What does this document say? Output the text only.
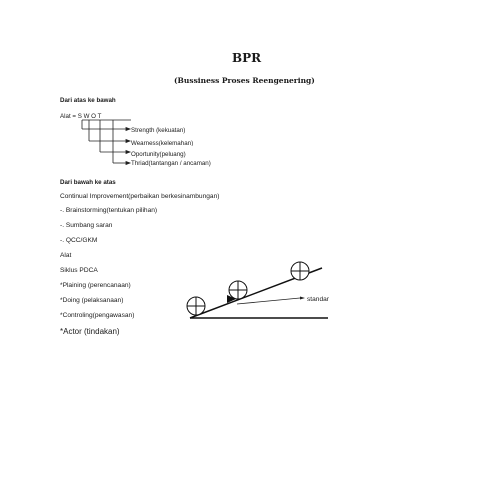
BPR
(Bussiness Proses Reengenering)
Dari atas ke bawah
Alat = S W O T
Strength (kekuatan)
Wearness(kelemahan)
Oportunity(peluang)
Thriad(tantangan / ancaman)
Dari bawah ke atas
Continual Improvement(perbaikan berkesinambungan)
-. Brainstorming(tentukan pilihan)
-. Sumbang saran
-. QCC/GKM
Alat
Siklus PDCA
*Plaining (perencanaan)
*Doing (pelaksanaan)
*Controling(pengawasan)
*Actor (tindakan)
standar
